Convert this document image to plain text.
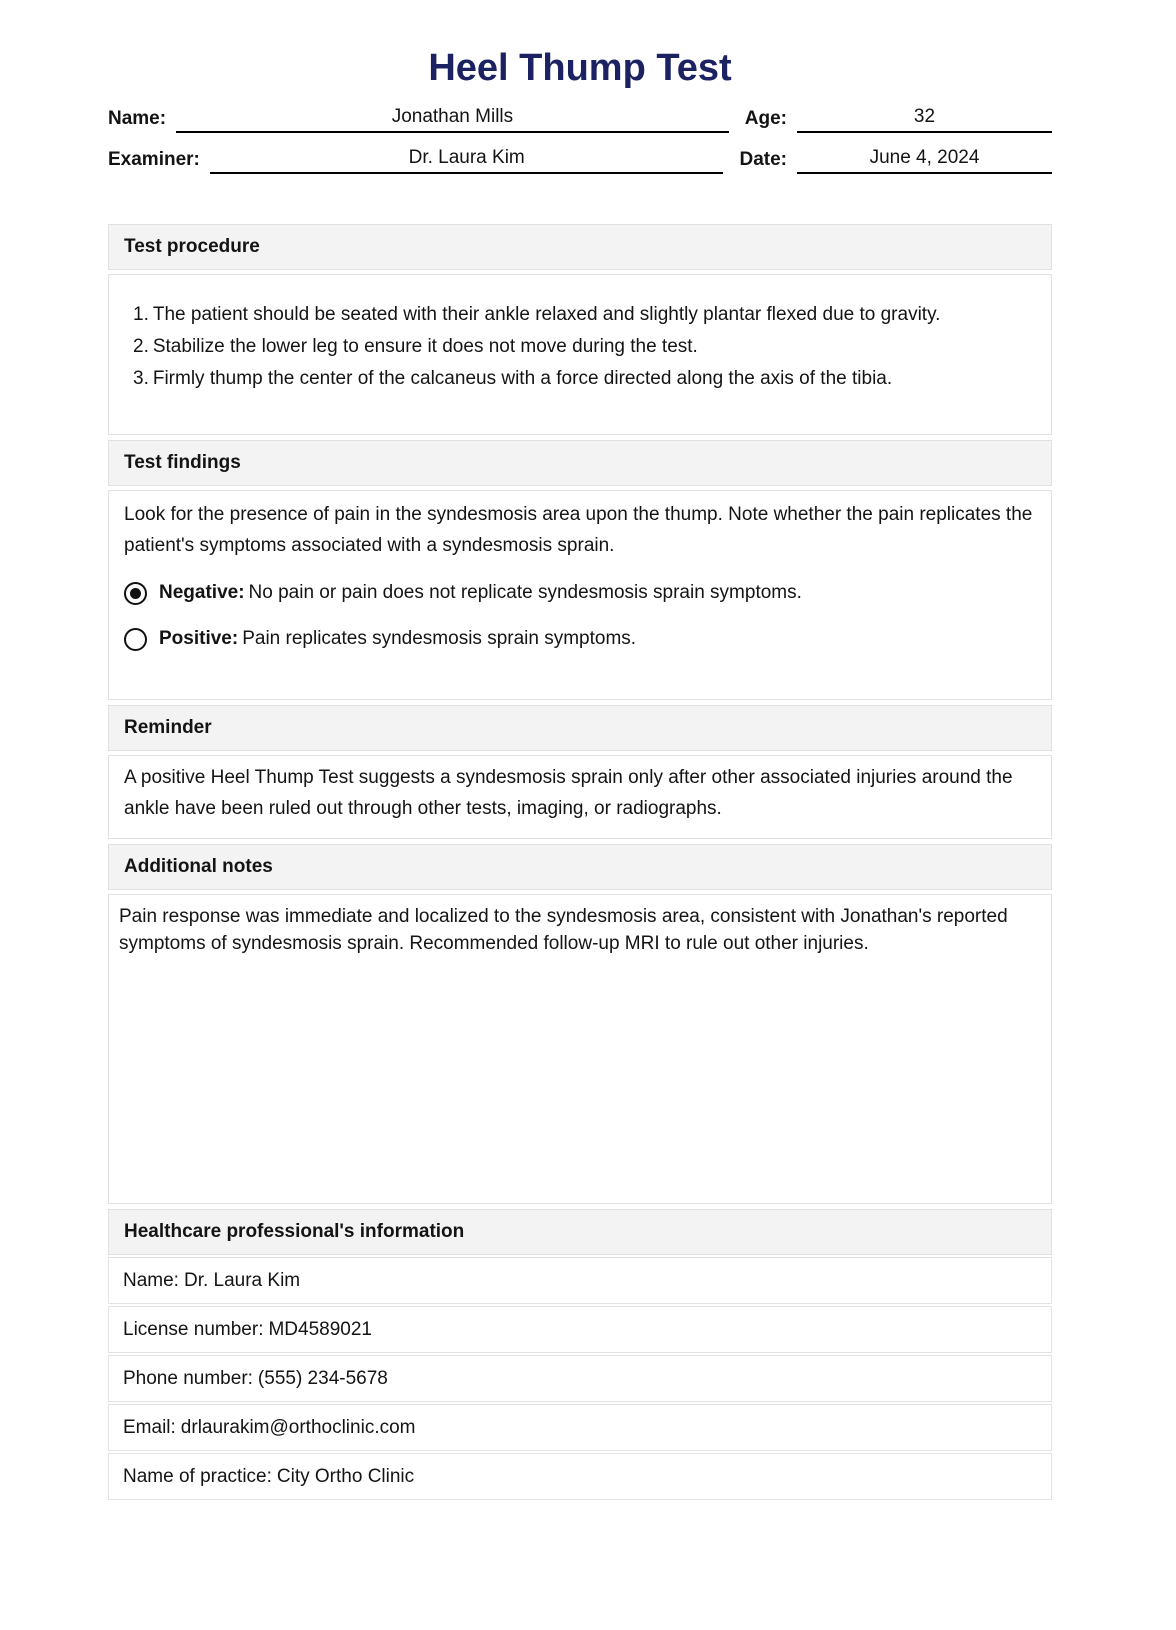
Heel Thump Test
Name:	Jonathan Mills	Age:	32
Examiner:	Dr. Laura Kim	Date:	June 4, 2024
Test procedure
1. The patient should be seated with their ankle relaxed and slightly plantar flexed due to gravity.
2. Stabilize the lower leg to ensure it does not move during the test.
3. Firmly thump the center of the calcaneus with a force directed along the axis of the tibia.
Test findings
Look for the presence of pain in the syndesmosis area upon the thump. Note whether the pain replicates the patient's symptoms associated with a syndesmosis sprain.
Negative: No pain or pain does not replicate syndesmosis sprain symptoms.
Positive: Pain replicates syndesmosis sprain symptoms.
Reminder
A positive Heel Thump Test suggests a syndesmosis sprain only after other associated injuries around the ankle have been ruled out through other tests, imaging, or radiographs.
Additional notes
Pain response was immediate and localized to the syndesmosis area, consistent with Jonathan's reported symptoms of syndesmosis sprain. Recommended follow-up MRI to rule out other injuries.
Healthcare professional's information
Name: Dr. Laura Kim
License number: MD4589021
Phone number: (555) 234-5678
Email: drlaurakim@orthoclinic.com
Name of practice: City Ortho Clinic
